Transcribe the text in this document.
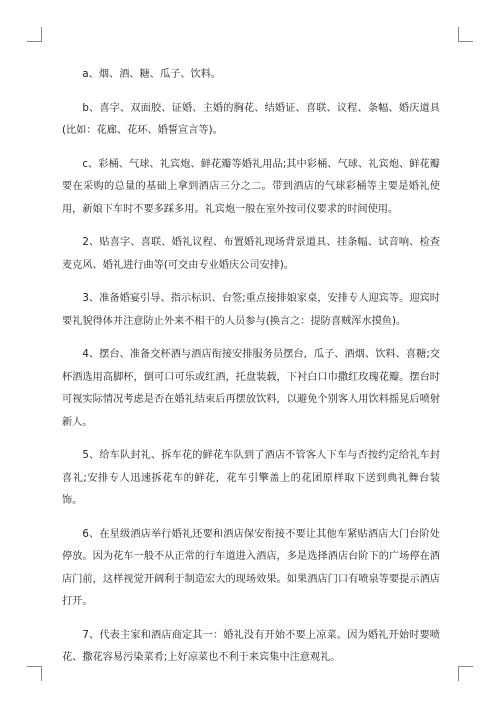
a、烟、酒、糖、瓜子、饮料。

b、喜字、双面胶、证婚、主婚的胸花、结婚证、喜联、议程、条幅、婚庆道具(比如：花廊、花环、婚誓宣言等)。

c、彩桶、气球、礼宾炮、鲜花瓣等婚礼用品;其中彩桶、气球、礼宾炮、鲜花瓣要在采购的总量的基础上拿到酒店三分之二。带到酒店的气球彩桶等主要是婚礼使用，新娘下车时不要多踩多用。礼宾炮一般在室外按司仪要求的时间使用。

2、贴喜字、喜联、婚礼议程、布置婚礼现场背景道具、挂条幅、试音响、检查麦克风、婚礼进行曲等(可交由专业婚庆公司安排)。

3、准备婚宴引导、指示标识、台签;重点接排娘家桌，安排专人迎宾等。迎宾时要礼貌得体并注意防止外来不相干的人员参与(换言之：提防喜贼浑水摸鱼)。

4、摆台、准备交杯酒与酒店衔接安排服务员摆台，瓜子、酒烟、饮料、喜糖;交杯酒选用高脚杯，倒可口可乐或红酒，托盘装载，下衬白口巾撒红玫瑰花瓣。摆台时可视实际情况考虑是否在婚礼结束后再摆放饮料，以避免个别客人用饮料摇晃后喷射新人。

5、给车队封礼、拆车花的鲜花车队到了酒店不管客人下车与否按约定给礼车封喜礼;安排专人迅速拆花车的鲜花，花车引擎盖上的花团原样取下送到典礼舞台装饰。

6、在星级酒店举行婚礼还要和酒店保安衔接不要让其他车紧贴酒店大门台阶处停放。因为花车一般不从正常的行车道进入酒店，多是选择酒店台阶下的广场停在酒店门前，这样视觉开阔利于制造宏大的现场效果。如果酒店门口有喷泉等要提示酒店打开。

7、代表主家和酒店商定其一：婚礼没有开始不要上凉菜。因为婚礼开始时要喷花、撒花容易污染菜肴;上好凉菜也不利于来宾集中注意观礼。
